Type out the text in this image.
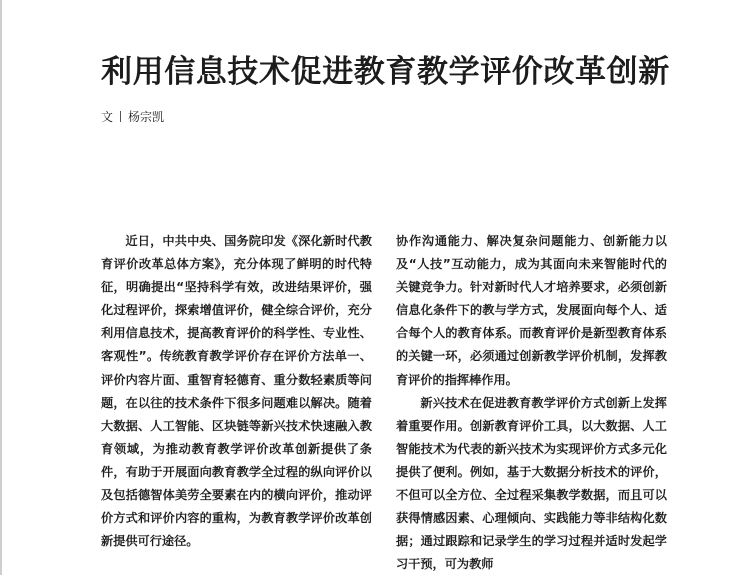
利用信息技术促进教育教学评价改革创新
文 杨宗凯

近日，中共中央、国务院印发《深化新时代教育评价改革总体方案》，充分体现了鲜明的时代特征，明确提出“坚持科学有效，改进结果评价，强化过程评价，探索增值评价，健全综合评价，充分利用信息技术，提高教育评价的科学性、专业性、客观性”。传统教育教学评价存在评价方法单一、评价内容片面、重智育轻德育、重分数轻素质等问题，在以往的技术条件下很多问题难以解决。随着大数据、人工智能、区块链等新兴技术快速融入教育领域，为推动教育教学评价改革创新提供了条件，有助于开展面向教育教学全过程的纵向评价以及包括德智体美劳全要素在内的横向评价，推动评价方式和评价内容的重构，为教育教学评价改革创新提供可行途径。

协作沟通能力、解决复杂问题能力、创新能力以及“人技”互动能力，成为其面向未来智能时代的关键竞争力。针对新时代人才培养要求，必须创新信息化条件下的教与学方式，发展面向每个人、适合每个人的教育体系。而教育评价是新型教育体系的关键一环，必须通过创新教学评价机制，发挥教育评价的指挥棒作用。

新兴技术在促进教育教学评价方式创新上发挥着重要作用。创新教育评价工具，以大数据、人工智能技术为代表的新兴技术为实现评价方式多元化提供了便利。例如，基于大数据分析技术的评价，不但可以全方位、全过程采集教学数据，而且可以获得情感因素、心理倾向、实践能力等非结构化数据；通过跟踪和记录学生的学习过程并适时发起学习干预，可为教师
